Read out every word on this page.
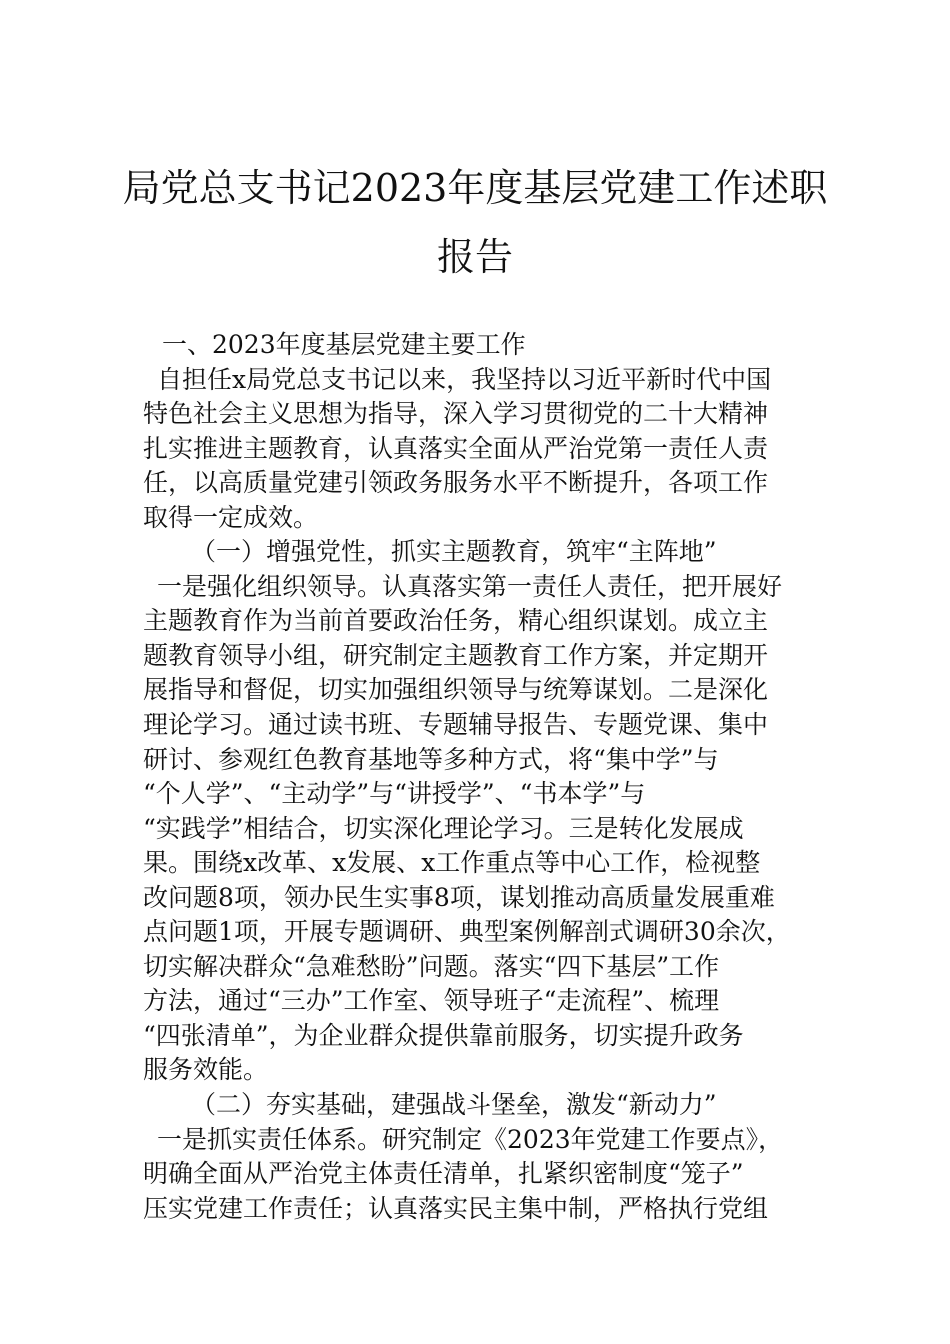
局党总支书记2023年度基层党建工作述职
报告
一、2023年度基层党建主要工作
自担任x局党总支书记以来，我坚持以习近平新时代中国
特色社会主义思想为指导，深入学习贯彻党的二十大精神
扎实推进主题教育，认真落实全面从严治党第一责任人责
任，以高质量党建引领政务服务水平不断提升，各项工作
取得一定成效。
（一）增强党性，抓实主题教育，筑牢“主阵地”
一是强化组织领导。认真落实第一责任人责任，把开展好
主题教育作为当前首要政治任务，精心组织谋划。成立主
题教育领导小组，研究制定主题教育工作方案，并定期开
展指导和督促，切实加强组织领导与统筹谋划。二是深化
理论学习。通过读书班、专题辅导报告、专题党课、集中
研讨、参观红色教育基地等多种方式，将“集中学”与
“个人学”、“主动学”与“讲授学”、“书本学”与
“实践学”相结合，切实深化理论学习。三是转化发展成
果。围绕x改革、x发展、x工作重点等中心工作，检视整
改问题8项，领办民生实事8项，谋划推动高质量发展重难
点问题1项，开展专题调研、典型案例解剖式调研30余次，
切实解决群众“急难愁盼”问题。落实“四下基层”工作
方法，通过“三办”工作室、领导班子“走流程”、梳理
“四张清单”，为企业群众提供靠前服务，切实提升政务
服务效能。
（二）夯实基础，建强战斗堡垒，激发“新动力”
一是抓实责任体系。研究制定《2023年党建工作要点》，
明确全面从严治党主体责任清单，扎紧织密制度“笼子”
压实党建工作责任；认真落实民主集中制，严格执行党组
